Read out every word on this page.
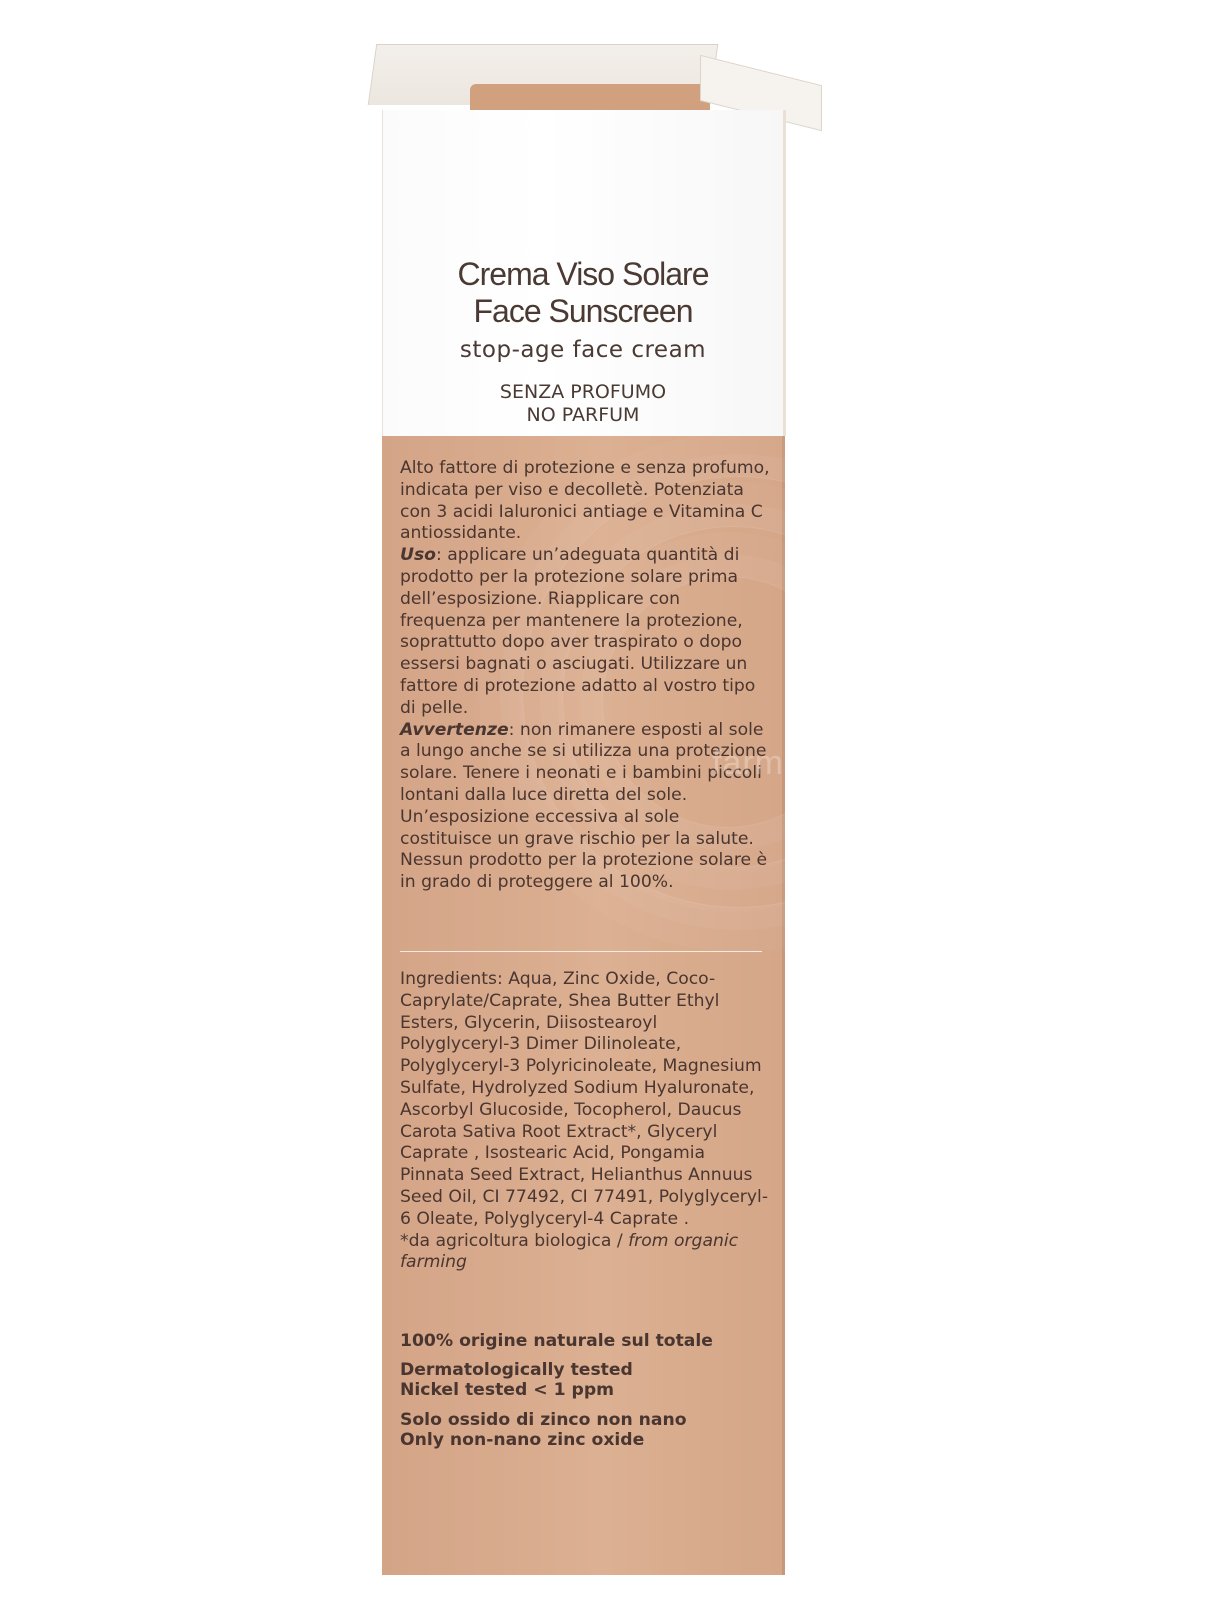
Crema Viso Solare
Face Sunscreen
stop-age face cream
SENZA PROFUMO
NO PARFUM

Alto fattore di protezione e senza profumo, indicata per viso e decolletè. Potenziata con 3 acidi Ialuronici antiage e Vitamina C antiossidante.

Uso: applicare un’adeguata quantità di prodotto per la protezione solare prima dell’esposizione. Riapplicare con frequenza per mantenere la protezione, soprattutto dopo aver traspirato o dopo essersi bagnati o asciugati. Utilizzare un fattore di protezione adatto al vostro tipo di pelle.

Avvertenze: non rimanere esposti al sole a lungo anche se si utilizza una protezione solare. Tenere i neonati e i bambini piccoli lontani dalla luce diretta del sole. Un’esposizione eccessiva al sole costituisce un grave rischio per la salute. Nessun prodotto per la protezione solare è in grado di proteggere al 100%.

farmaciasi
Ingredients: Aqua, Zinc Oxide, Coco-Caprylate/Caprate, Shea Butter Ethyl Esters, Glycerin, Diisostearoyl Polyglyceryl-3 Dimer Dilinoleate, Polyglyceryl-3 Polyricinoleate, Magnesium Sulfate, Hydrolyzed Sodium Hyaluronate, Ascorbyl Glucoside, Tocopherol, Daucus Carota Sativa Root Extract*, Glyceryl Caprate , Isostearic Acid, Pongamia Pinnata Seed Extract, Helianthus Annuus Seed Oil, CI 77492, CI 77491, Polyglyceryl-6 Oleate, Polyglyceryl-4 Caprate .
*da agricoltura biologica / from organic farming
100% origine naturale sul totale
Dermatologically tested
Nickel tested < 1 ppm
Solo ossido di zinco non nano
Only non-nano zinc oxide
